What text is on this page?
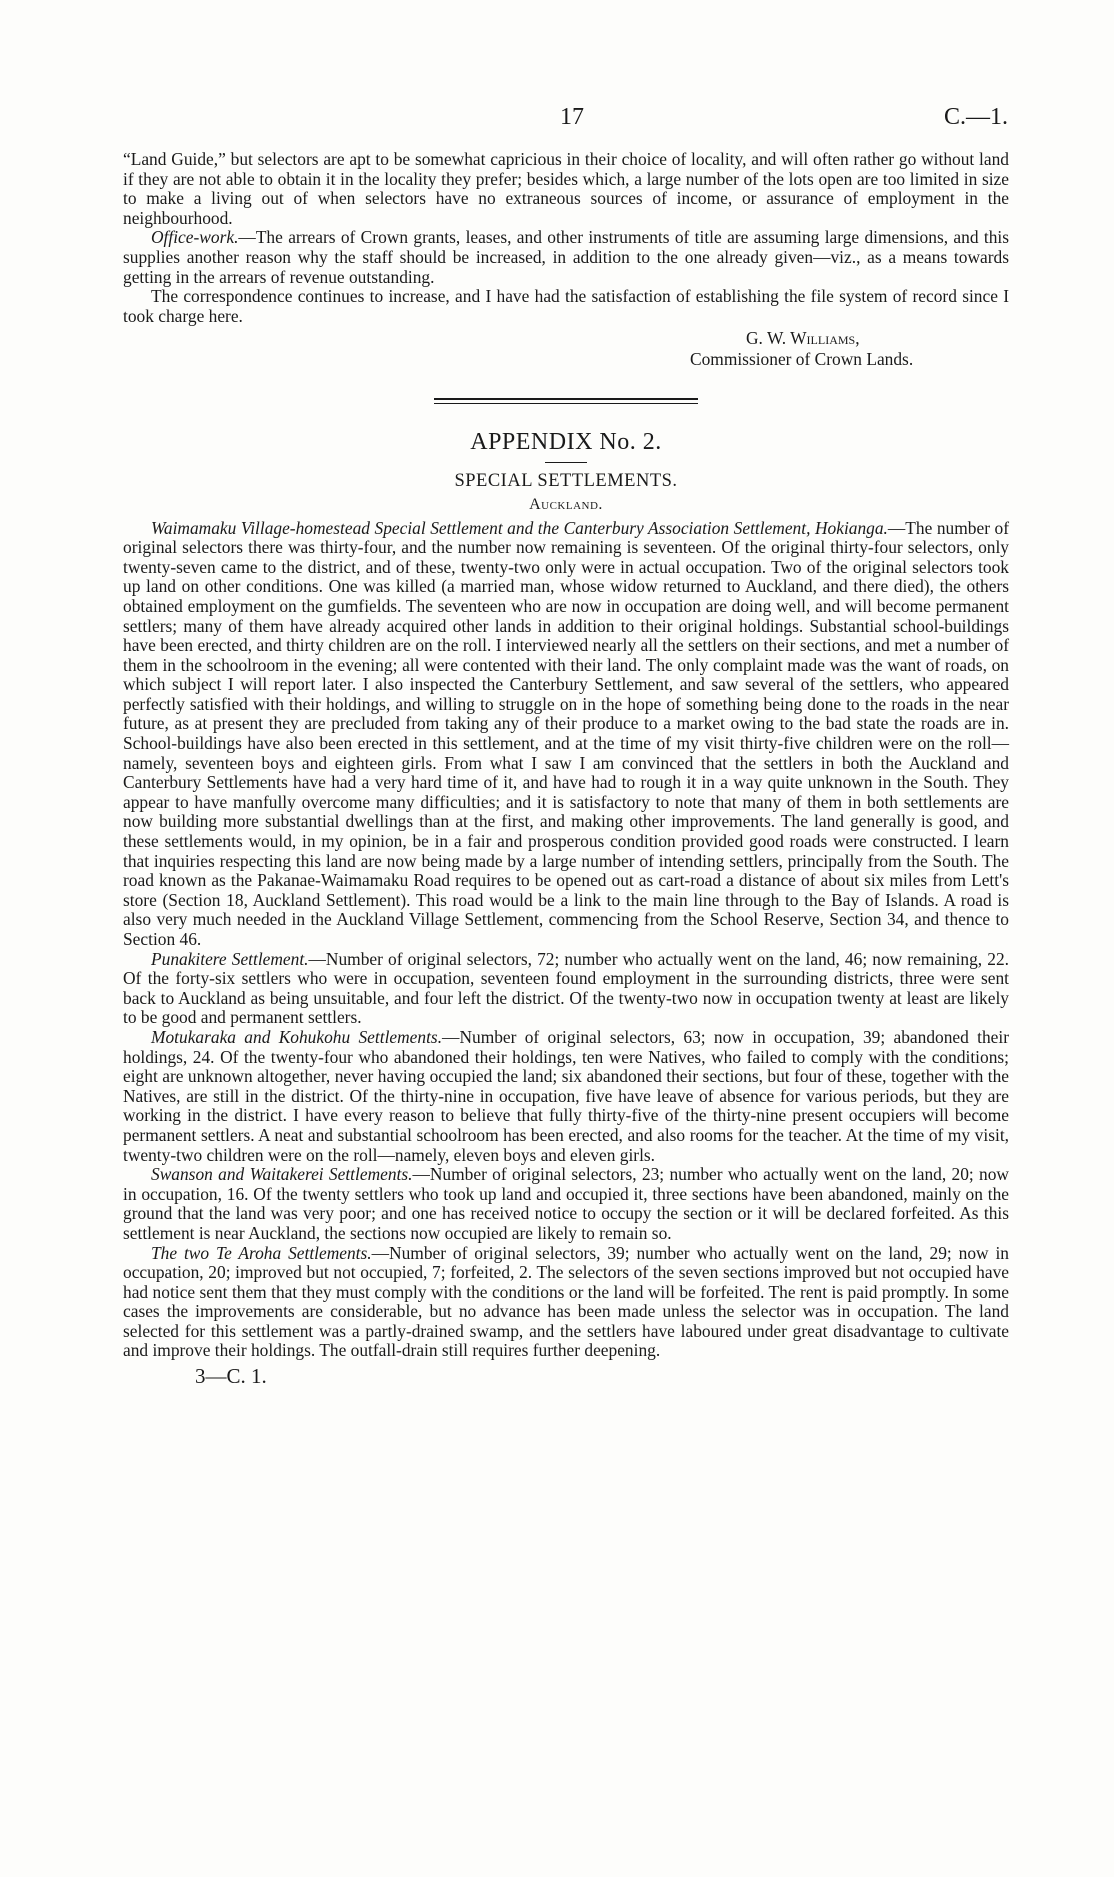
17	C.—1.

“Land Guide,” but selectors are apt to be somewhat capricious in their choice of locality, and will often rather go without land if they are not able to obtain it in the locality they prefer; besides which, a large number of the lots open are too limited in size to make a living out of when selectors have no extraneous sources of income, or assurance of employment in the neighbourhood.

Office-work.—The arrears of Crown grants, leases, and other instruments of title are assuming large dimensions, and this supplies another reason why the staff should be increased, in addition to the one already given—viz., as a means towards getting in the arrears of revenue outstanding.

The correspondence continues to increase, and I have had the satisfaction of establishing the file system of record since I took charge here.

G. W. Williams,
Commissioner of Crown Lands.
APPENDIX No. 2.
SPECIAL SETTLEMENTS.
Auckland.

Waimamaku Village-homestead Special Settlement and the Canterbury Association Settlement, Hokianga.—The number of original selectors there was thirty-four, and the number now remaining is seventeen. Of the original thirty-four selectors, only twenty-seven came to the district, and of these, twenty-two only were in actual occupation. Two of the original selectors took up land on other conditions. One was killed (a married man, whose widow returned to Auckland, and there died), the others obtained employment on the gumfields. The seventeen who are now in occupation are doing well, and will become permanent settlers; many of them have already acquired other lands in addition to their original holdings. Substantial school-buildings have been erected, and thirty children are on the roll. I interviewed nearly all the settlers on their sections, and met a number of them in the schoolroom in the evening; all were contented with their land. The only complaint made was the want of roads, on which subject I will report later. I also inspected the Canterbury Settlement, and saw several of the settlers, who appeared perfectly satisfied with their holdings, and willing to struggle on in the hope of something being done to the roads in the near future, as at present they are precluded from taking any of their produce to a market owing to the bad state the roads are in. School-buildings have also been erected in this settlement, and at the time of my visit thirty-five children were on the roll—namely, seventeen boys and eighteen girls. From what I saw I am convinced that the settlers in both the Auckland and Canterbury Settlements have had a very hard time of it, and have had to rough it in a way quite unknown in the South. They appear to have manfully overcome many difficulties; and it is satisfactory to note that many of them in both settlements are now building more substantial dwellings than at the first, and making other improvements. The land generally is good, and these settlements would, in my opinion, be in a fair and prosperous condition provided good roads were constructed. I learn that inquiries respecting this land are now being made by a large number of intending settlers, principally from the South. The road known as the Pakanae-Waimamaku Road requires to be opened out as cart-road a distance of about six miles from Lett's store (Section 18, Auckland Settlement). This road would be a link to the main line through to the Bay of Islands. A road is also very much needed in the Auckland Village Settlement, commencing from the School Reserve, Section 34, and thence to Section 46.

Punakitere Settlement.—Number of original selectors, 72; number who actually went on the land, 46; now remaining, 22. Of the forty-six settlers who were in occupation, seventeen found employment in the surrounding districts, three were sent back to Auckland as being unsuitable, and four left the district. Of the twenty-two now in occupation twenty at least are likely to be good and permanent settlers.

Motukaraka and Kohukohu Settlements.—Number of original selectors, 63; now in occupation, 39; abandoned their holdings, 24. Of the twenty-four who abandoned their holdings, ten were Natives, who failed to comply with the conditions; eight are unknown altogether, never having occupied the land; six abandoned their sections, but four of these, together with the Natives, are still in the district. Of the thirty-nine in occupation, five have leave of absence for various periods, but they are working in the district. I have every reason to believe that fully thirty-five of the thirty-nine present occupiers will become permanent settlers. A neat and substantial schoolroom has been erected, and also rooms for the teacher. At the time of my visit, twenty-two children were on the roll—namely, eleven boys and eleven girls.

Swanson and Waitakerei Settlements.—Number of original selectors, 23; number who actually went on the land, 20; now in occupation, 16. Of the twenty settlers who took up land and occupied it, three sections have been abandoned, mainly on the ground that the land was very poor; and one has received notice to occupy the section or it will be declared forfeited. As this settlement is near Auckland, the sections now occupied are likely to remain so.

The two Te Aroha Settlements.—Number of original selectors, 39; number who actually went on the land, 29; now in occupation, 20; improved but not occupied, 7; forfeited, 2. The selectors of the seven sections improved but not occupied have had notice sent them that they must comply with the conditions or the land will be forfeited. The rent is paid promptly. In some cases the improvements are considerable, but no advance has been made unless the selector was in occupation. The land selected for this settlement was a partly-drained swamp, and the settlers have laboured under great disadvantage to cultivate and improve their holdings. The outfall-drain still requires further deepening.

3—C. 1.
